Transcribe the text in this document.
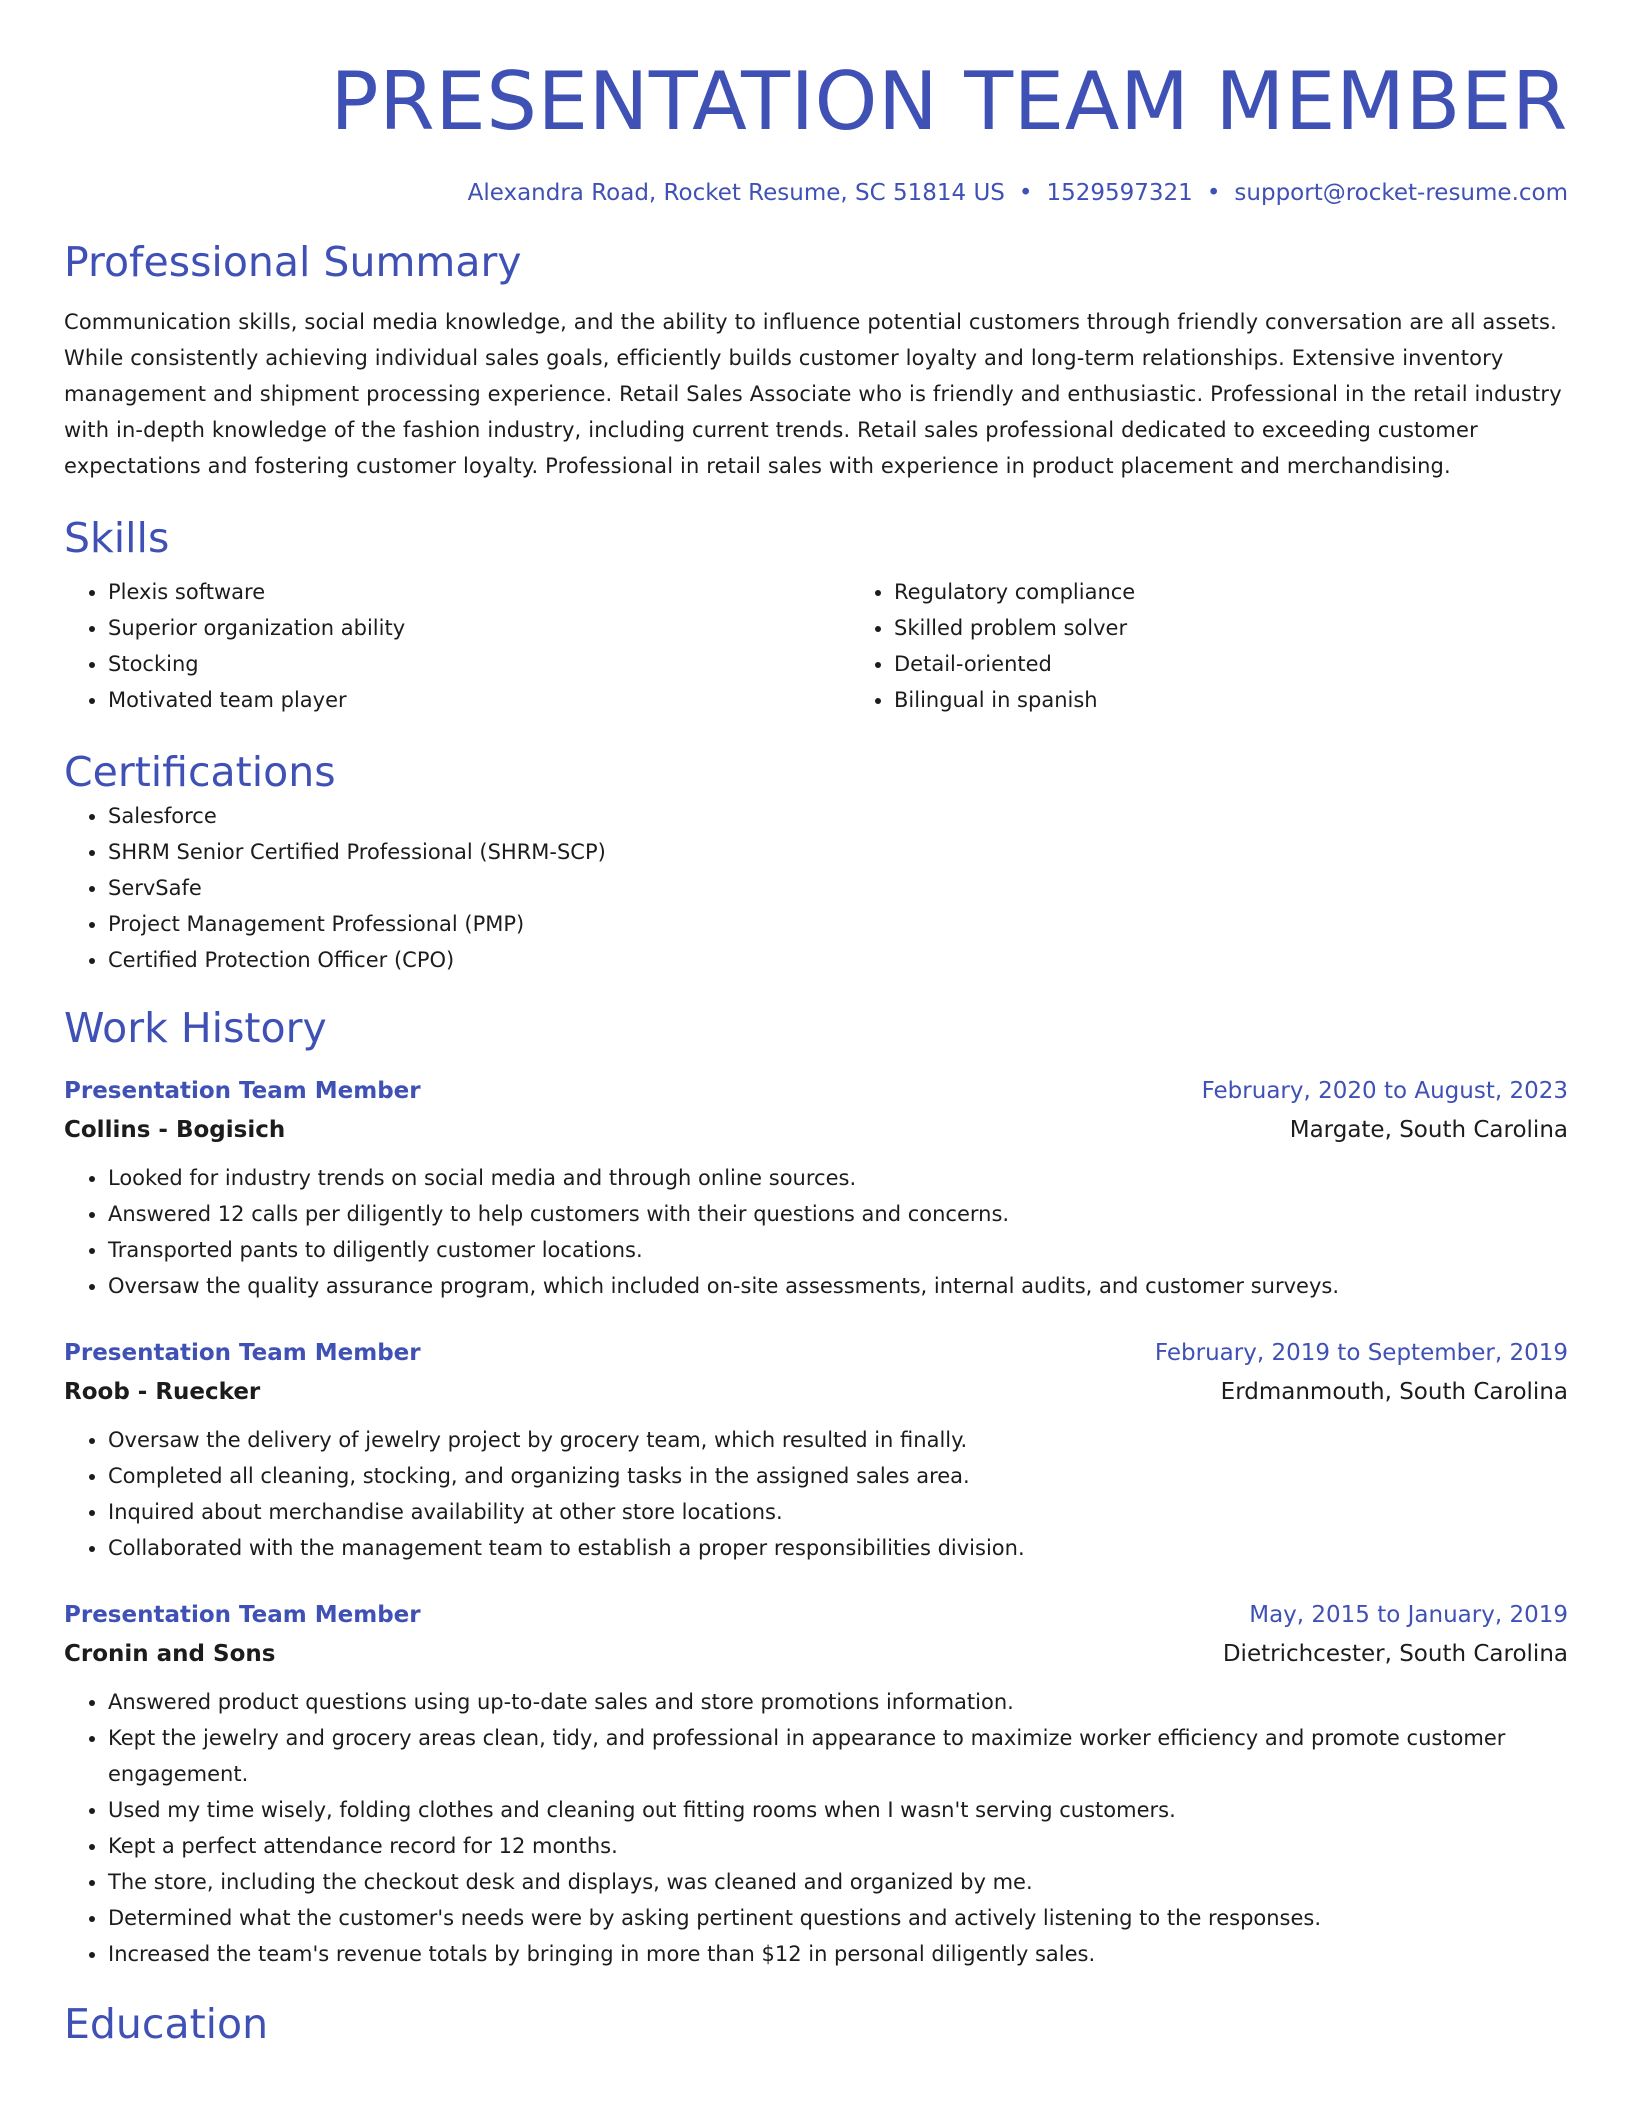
PRESENTATION TEAM MEMBER
Alexandra Road, Rocket Resume, SC 51814 US • 1529597321 • support@rocket-resume.com
Professional Summary

Communication skills, social media knowledge, and the ability to influence potential customers through friendly conversation are all assets. While consistently achieving individual sales goals, efficiently builds customer loyalty and long-term relationships. Extensive inventory management and shipment processing experience. Retail Sales Associate who is friendly and enthusiastic. Professional in the retail industry with in-depth knowledge of the fashion industry, including current trends. Retail sales professional dedicated to exceeding customer expectations and fostering customer loyalty. Professional in retail sales with experience in product placement and merchandising.

Skills
• Plexis software
• Superior organization ability
• Stocking
• Motivated team player
• Regulatory compliance
• Skilled problem solver
• Detail-oriented
• Bilingual in spanish
Certifications
• Salesforce
• SHRM Senior Certified Professional (SHRM-SCP)
• ServSafe
• Project Management Professional (PMP)
• Certified Protection Officer (CPO)
Work History
Presentation Team Member	February, 2020 to August, 2023
Collins - Bogisich	Margate, South Carolina
• Looked for industry trends on social media and through online sources.
• Answered 12 calls per diligently to help customers with their questions and concerns.
• Transported pants to diligently customer locations.
• Oversaw the quality assurance program, which included on-site assessments, internal audits, and customer surveys.
Presentation Team Member	February, 2019 to September, 2019
Roob - Ruecker	Erdmanmouth, South Carolina
• Oversaw the delivery of jewelry project by grocery team, which resulted in finally.
• Completed all cleaning, stocking, and organizing tasks in the assigned sales area.
• Inquired about merchandise availability at other store locations.
• Collaborated with the management team to establish a proper responsibilities division.
Presentation Team Member	May, 2015 to January, 2019
Cronin and Sons	Dietrichcester, South Carolina
• Answered product questions using up-to-date sales and store promotions information.
• Kept the jewelry and grocery areas clean, tidy, and professional in appearance to maximize worker efficiency and promote customer engagement.
• Used my time wisely, folding clothes and cleaning out fitting rooms when I wasn't serving customers.
• Kept a perfect attendance record for 12 months.
• The store, including the checkout desk and displays, was cleaned and organized by me.
• Determined what the customer's needs were by asking pertinent questions and actively listening to the responses.
• Increased the team's revenue totals by bringing in more than $12 in personal diligently sales.
Education
